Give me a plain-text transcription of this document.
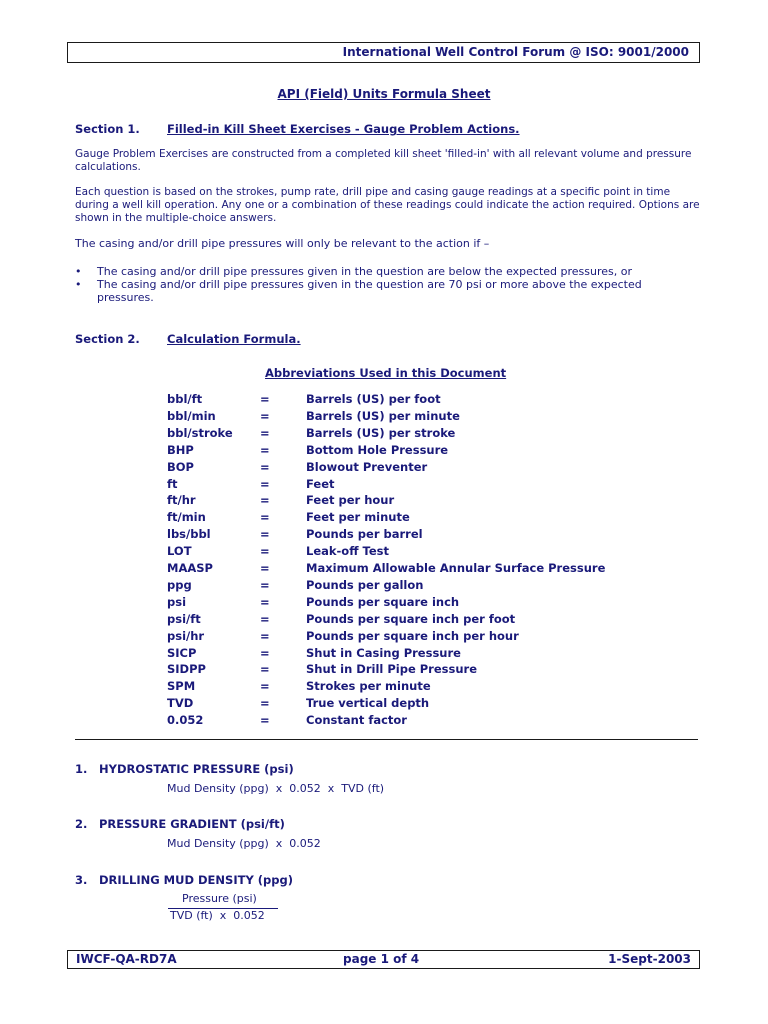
International Well Control Forum @ ISO: 9001/2000
API (Field) Units Formula Sheet
Section 1. Filled-in Kill Sheet Exercises - Gauge Problem Actions.
Gauge Problem Exercises are constructed from a completed kill sheet 'filled-in' with all relevant volume and pressure calculations.
Each question is based on the strokes, pump rate, drill pipe and casing gauge readings at a specific point in time during a well kill operation. Any one or a combination of these readings could indicate the action required. Options are shown in the multiple-choice answers.
The casing and/or drill pipe pressures will only be relevant to the action if –
• The casing and/or drill pipe pressures given in the question are below the expected pressures, or
• The casing and/or drill pipe pressures given in the question are 70 psi or more above the expected pressures.
Section 2. Calculation Formula.
Abbreviations Used in this Document
bbl/ft	=	Barrels (US) per foot
bbl/min	=	Barrels (US) per minute
bbl/stroke =	Barrels (US) per stroke
BHP	=	Bottom Hole Pressure
BOP	=	Blowout Preventer
ft	=	Feet
ft/hr	=	Feet per hour
ft/min	=	Feet per minute
lbs/bbl	=	Pounds per barrel
LOT	=	Leak-off Test
MAASP	=	Maximum Allowable Annular Surface Pressure
ppg	=	Pounds per gallon
psi	=	Pounds per square inch
psi/ft	=	Pounds per square inch per foot
psi/hr	=	Pounds per square inch per hour
SICP	=	Shut in Casing Pressure
SIDPP	=	Shut in Drill Pipe Pressure
SPM	=	Strokes per minute
TVD	=	True vertical depth
0.052	=	Constant factor
1. HYDROSTATIC PRESSURE (psi)
Mud Density (ppg)  x  0.052  x  TVD (ft)
2. PRESSURE GRADIENT (psi/ft)
Mud Density (ppg)  x  0.052
3. DRILLING MUD DENSITY (ppg)
Pressure (psi)
TVD (ft)  x  0.052
IWCF-QA-RD7A	page 1 of 4	1-Sept-2003
